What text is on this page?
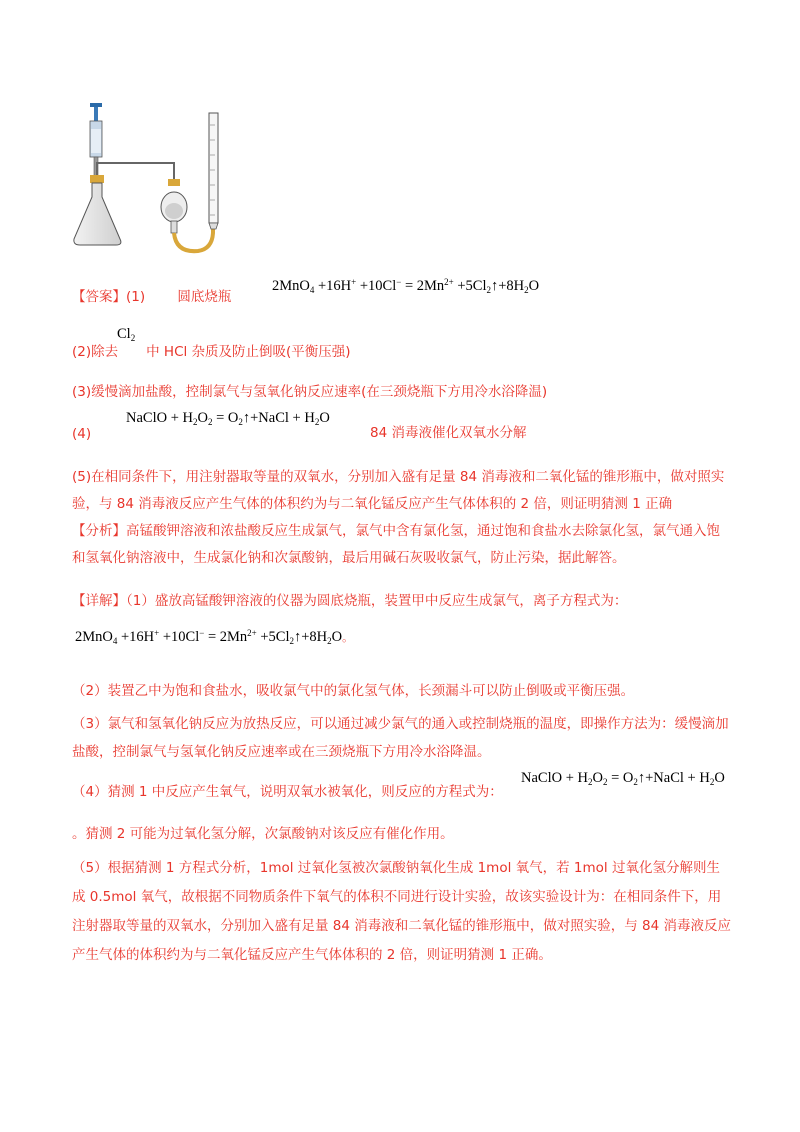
【答案】(1) 圆底烧瓶
$2MnO_4 +16H^+ +10Cl^- = 2Mn^{2+}$ $+5Cl_2↑+8H_2O$
$Cl_2$
(2)除去 中 HCl 杂质及防止倒吸(平衡压强)
(3)缓慢滴加盐酸，控制氯气与氢氧化钠反应速率(在三颈烧瓶下方用冷水浴降温)
NaClO + $H_2O_2$ = $O_2↑+NaCl + H_2O$
(4)	84 消毒液催化双氧水分解
(5)在相同条件下，用注射器取等量的双氧水，分别加入盛有足量 84 消毒液和二氧化锰的锥形瓶中，做对照实验，与 84 消毒液反应产生气体的体积约为与二氧化锰反应产生气体体积的 2 倍，则证明猜测 1 正确
【分析】高锰酸钾溶液和浓盐酸反应生成氯气，氯气中含有氯化氢，通过饱和食盐水去除氯化氢，氯气通入饱和氢氧化钠溶液中，生成氯化钠和次氯酸钠，最后用碱石灰吸收氯气，防止污染，据此解答。
【详解】（1）盛放高锰酸钾溶液的仪器为圆底烧瓶，装置甲中反应生成氯气，离子方程式为：
$2MnO_4 +16H^+ +10Cl^- = 2Mn^{2+}$ $+5Cl_2↑+8H_2O$。
（2）装置乙中为饱和食盐水，吸收氯气中的氯化氢气体，长颈漏斗可以防止倒吸或平衡压强。
（3）氯气和氢氧化钠反应为放热反应，可以通过减少氯气的通入或控制烧瓶的温度，即操作方法为：缓慢滴加盐酸，控制氯气与氢氧化钠反应速率或在三颈烧瓶下方用冷水浴降温。
（4）猜测 1 中反应产生氧气，说明双氧水被氧化，则反应的方程式为：
NaClO + $H_2O_2$ = $O_2↑+NaCl + H_2O$
。猜测 2 可能为过氧化氢分解，次氯酸钠对该反应有催化作用。
（5）根据猜测 1 方程式分析，1mol 过氧化氢被次氯酸钠氧化生成 1mol 氧气，若 1mol 过氧化氢分解则生成 0.5mol 氧气，故根据不同物质条件下氧气的体积不同进行设计实验，故该实验设计为：在相同条件下，用注射器取等量的双氧水，分别加入盛有足量 84 消毒液和二氧化锰的锥形瓶中，做对照实验，与 84 消毒液反应产生气体的体积约为与二氧化锰反应产生气体体积的 2 倍，则证明猜测 1 正确。
